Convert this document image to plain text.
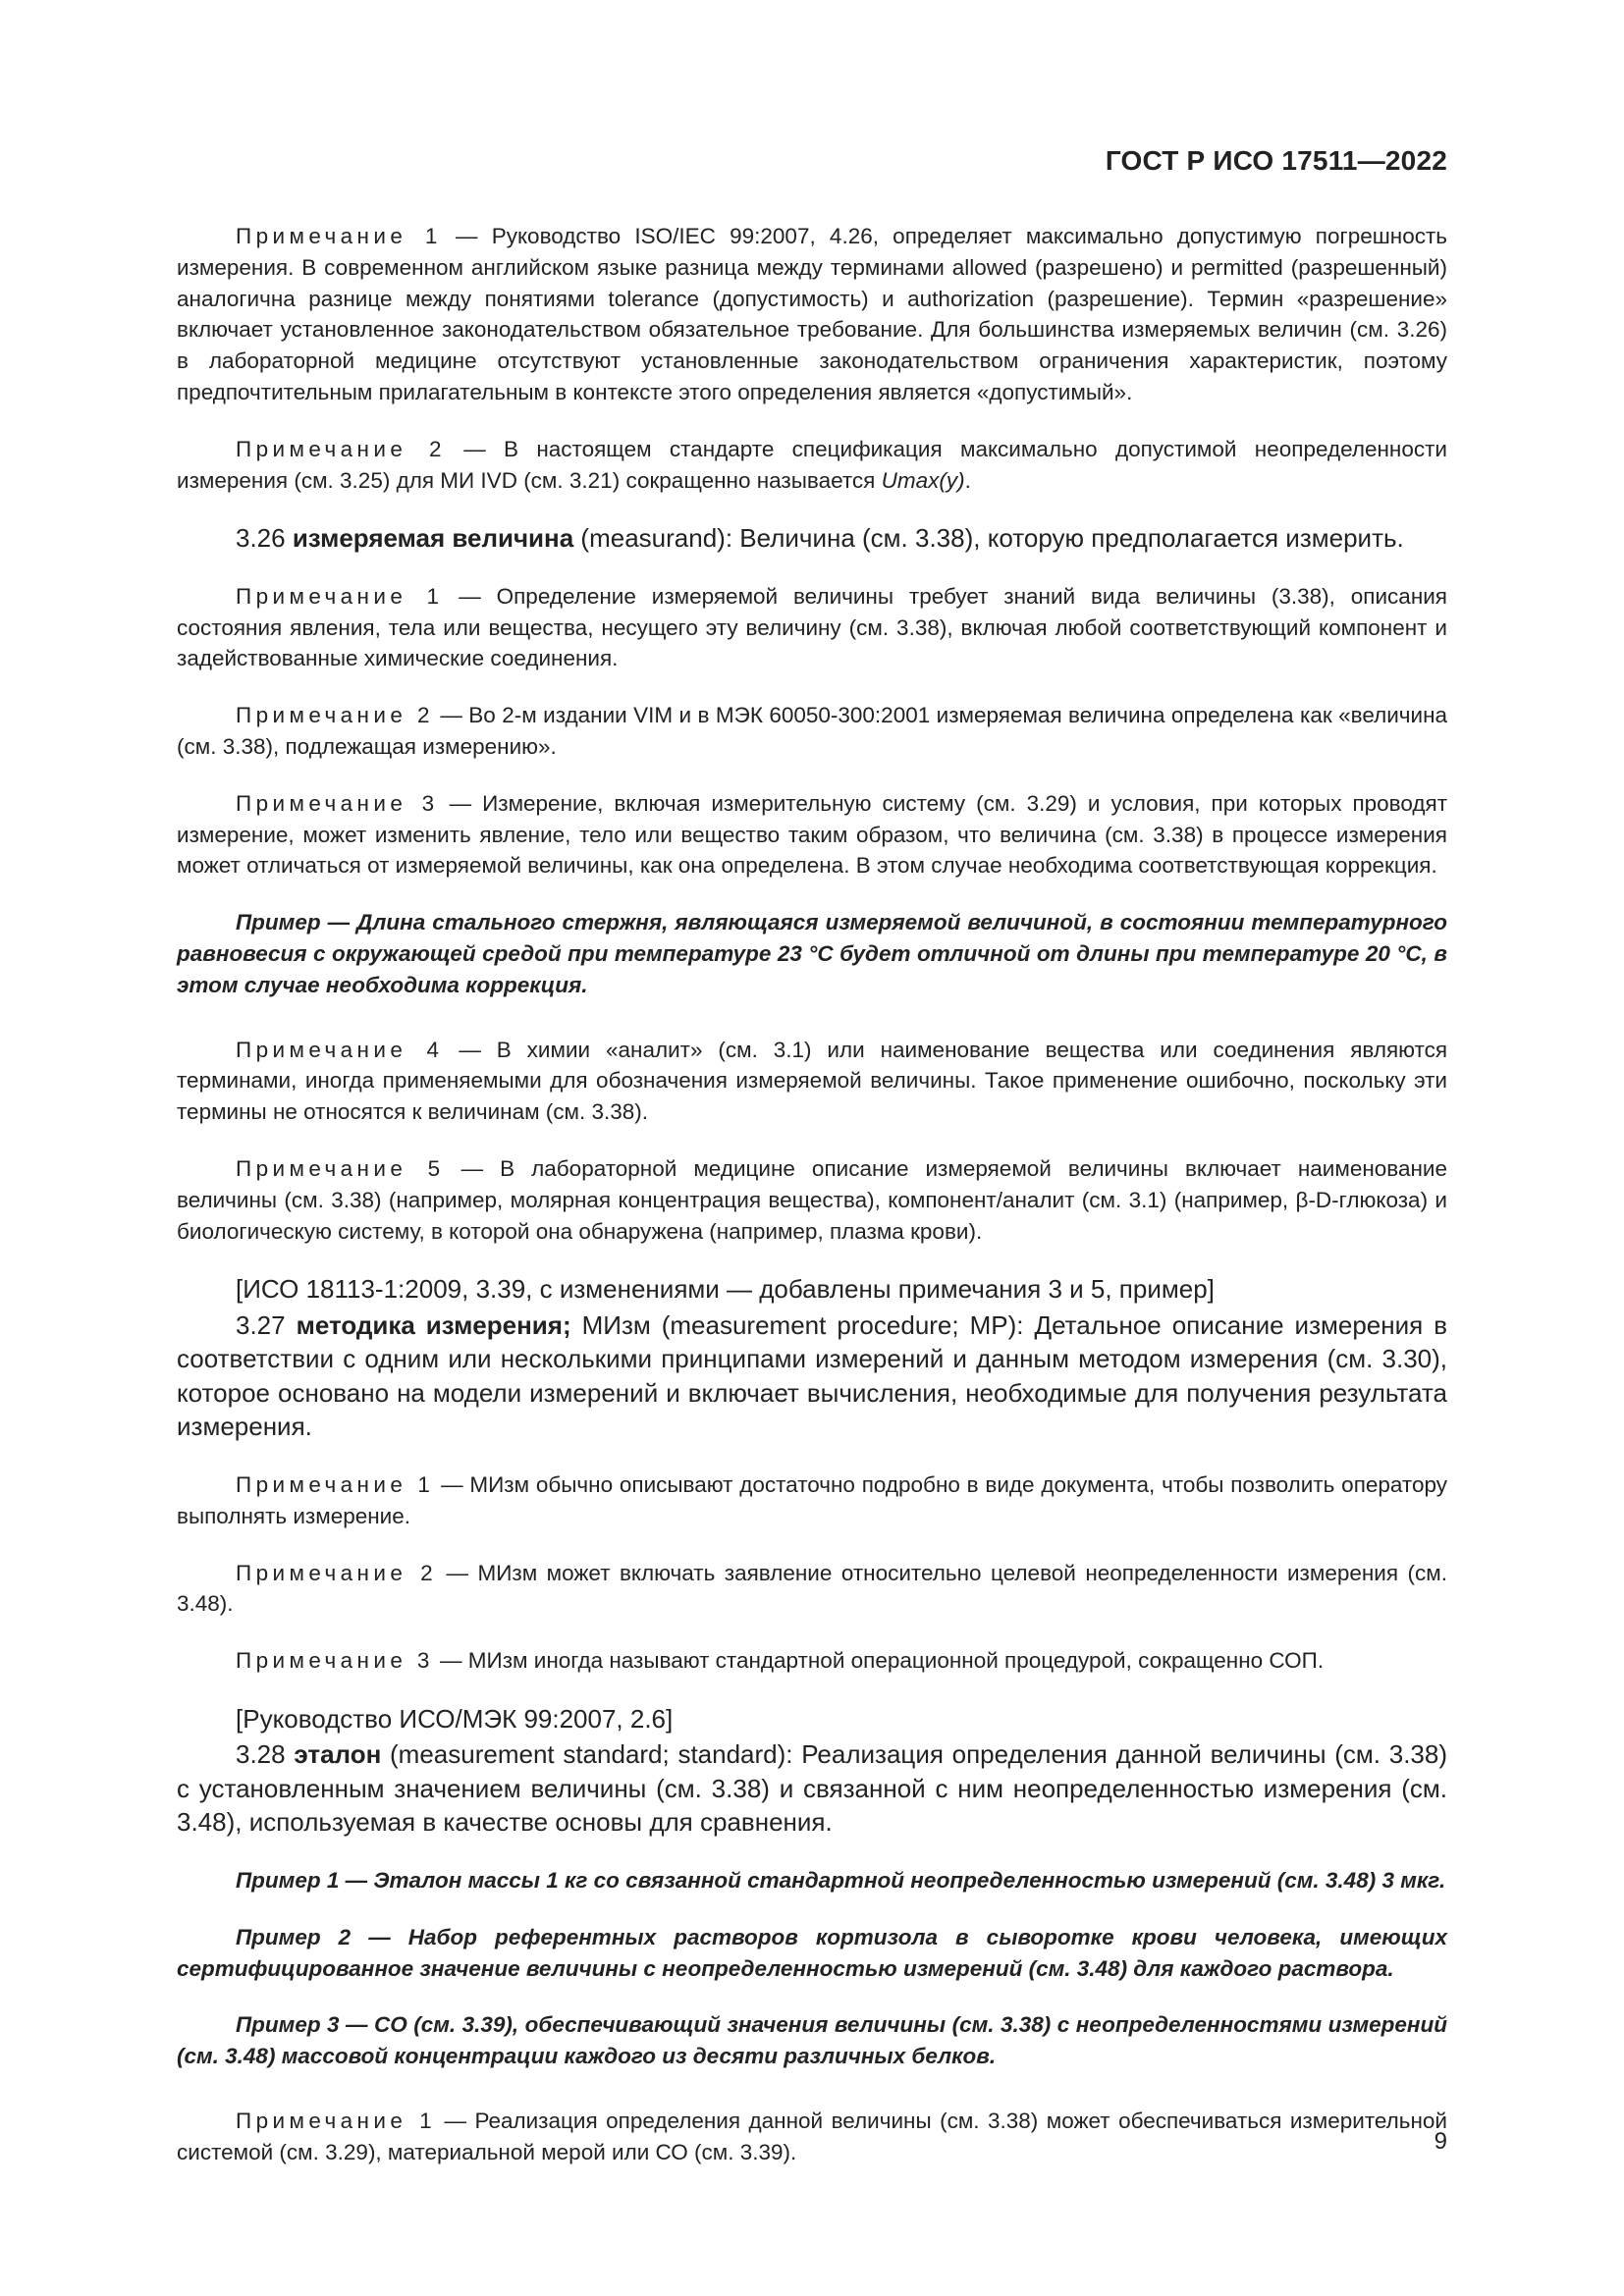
ГОСТ Р ИСО 17511—2022

Примечание 1 — Руководство ISO/IEC 99:2007, 4.26, определяет максимально допустимую погрешность измерения. В современном английском языке разница между терминами allowed (разрешено) и permitted (разрешенный) аналогична разнице между понятиями tolerance (допустимость) и authorization (разрешение). Термин «разрешение» включает установленное законодательством обязательное требование. Для большинства измеряемых величин (см. 3.26) в лабораторной медицине отсутствуют установленные законодательством ограничения характеристик, поэтому предпочтительным прилагательным в контексте этого определения является «допустимый».

Примечание 2 — В настоящем стандарте спецификация максимально допустимой неопределенности измерения (см. 3.25) для МИ IVD (см. 3.21) сокращенно называется Umax(y).

3.26 измеряемая величина (measurand): Величина (см. 3.38), которую предполагается измерить.

Примечание 1 — Определение измеряемой величины требует знаний вида величины (3.38), описания состояния явления, тела или вещества, несущего эту величину (см. 3.38), включая любой соответствующий компонент и задействованные химические соединения.

Примечание 2 — Во 2-м издании VIM и в МЭК 60050-300:2001 измеряемая величина определена как «величина (см. 3.38), подлежащая измерению».

Примечание 3 — Измерение, включая измерительную систему (см. 3.29) и условия, при которых проводят измерение, может изменить явление, тело или вещество таким образом, что величина (см. 3.38) в процессе измерения может отличаться от измеряемой величины, как она определена. В этом случае необходима соответствующая коррекция.

Пример — Длина стального стержня, являющаяся измеряемой величиной, в состоянии температурного равновесия с окружающей средой при температуре 23 °С будет отличной от длины при температуре 20 °С, в этом случае необходима коррекция.

Примечание 4 — В химии «аналит» (см. 3.1) или наименование вещества или соединения являются терминами, иногда применяемыми для обозначения измеряемой величины. Такое применение ошибочно, поскольку эти термины не относятся к величинам (см. 3.38).

Примечание 5 — В лабораторной медицине описание измеряемой величины включает наименование величины (см. 3.38) (например, молярная концентрация вещества), компонент/аналит (см. 3.1) (например, β-D-глюкоза) и биологическую систему, в которой она обнаружена (например, плазма крови).

[ИСО 18113-1:2009, 3.39, с изменениями — добавлены примечания 3 и 5, пример]

3.27 методика измерения; МИзм (measurement procedure; MP): Детальное описание измерения в соответствии с одним или несколькими принципами измерений и данным методом измерения (см. 3.30), которое основано на модели измерений и включает вычисления, необходимые для получения результата измерения.

Примечание 1 — МИзм обычно описывают достаточно подробно в виде документа, чтобы позволить оператору выполнять измерение.

Примечание 2 — МИзм может включать заявление относительно целевой неопределенности измерения (см. 3.48).

Примечание 3 — МИзм иногда называют стандартной операционной процедурой, сокращенно СОП.

[Руководство ИСО/МЭК 99:2007, 2.6]

3.28 эталон (measurement standard; standard): Реализация определения данной величины (см. 3.38) с установленным значением величины (см. 3.38) и связанной с ним неопределенностью измерения (см. 3.48), используемая в качестве основы для сравнения.

Пример 1 — Эталон массы 1 кг со связанной стандартной неопределенностью измерений (см. 3.48) 3 мкг.

Пример 2 — Набор референтных растворов кортизола в сыворотке крови человека, имеющих сертифицированное значение величины с неопределенностью измерений (см. 3.48) для каждого раствора.

Пример 3 — СО (см. 3.39), обеспечивающий значения величины (см. 3.38) с неопределенностями измерений (см. 3.48) массовой концентрации каждого из десяти различных белков.

Примечание 1 — Реализация определения данной величины (см. 3.38) может обеспечиваться измерительной системой (см. 3.29), материальной мерой или СО (см. 3.39).	9
